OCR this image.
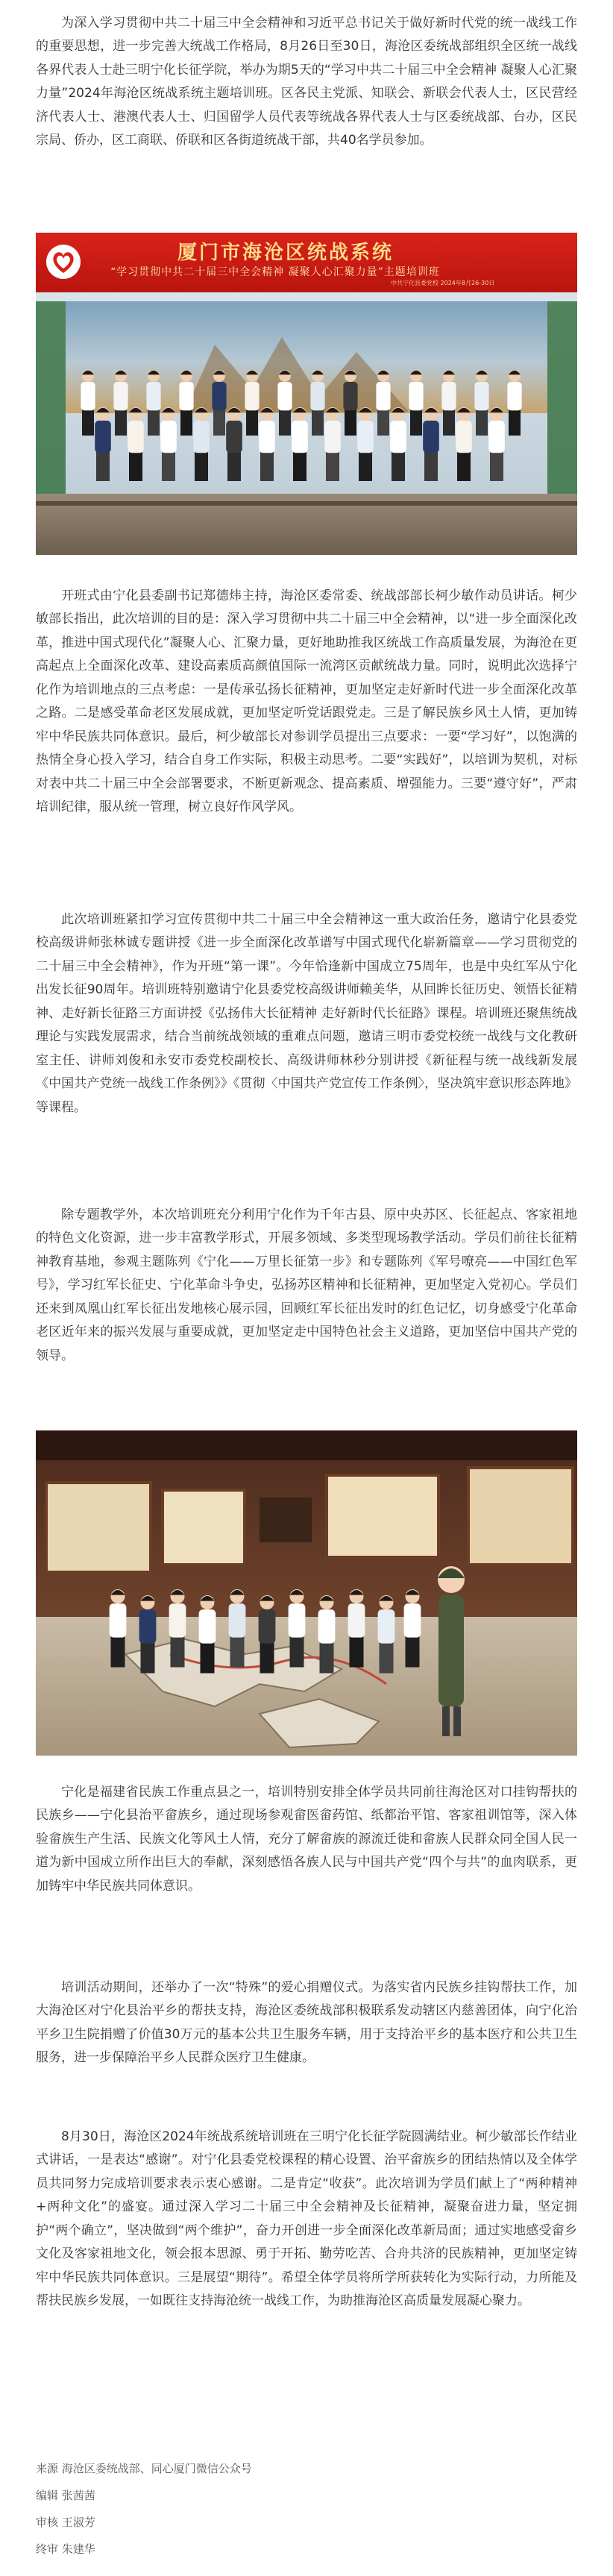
为深入学习贯彻中共二十届三中全会精神和习近平总书记关于做好新时代党的统一战线工作的重要思想，进一步完善大统战工作格局，8月26日至30日，海沧区委统战部组织全区统一战线各界代表人士赴三明宁化长征学院，举办为期5天的“学习中共二十届三中全会精神 凝聚人心汇聚力量”2024年海沧区统战系统主题培训班。区各民主党派、知联会、新联会代表人士，区民营经济代表人士、港澳代表人士、归国留学人员代表等统战各界代表人士与区委统战部、台办，区民宗局、侨办，区工商联、侨联和区各街道统战干部，共40名学员参加。

厦门市海沧区统战系统
“学习贯彻中共二十届三中全会精神 凝聚人心汇聚力量”主题培训班
中共宁化县委党校 2024年8月26-30日

开班式由宁化县委副书记郑德炜主持，海沧区委常委、统战部部长柯少敏作动员讲话。柯少敏部长指出，此次培训的目的是：深入学习贯彻中共二十届三中全会精神，以“进一步全面深化改革，推进中国式现代化”凝聚人心、汇聚力量，更好地助推我区统战工作高质量发展，为海沧在更高起点上全面深化改革、建设高素质高颜值国际一流湾区贡献统战力量。同时，说明此次选择宁化作为培训地点的三点考虑：一是传承弘扬长征精神，更加坚定走好新时代进一步全面深化改革之路。二是感受革命老区发展成就，更加坚定听党话跟党走。三是了解民族乡风土人情，更加铸牢中华民族共同体意识。最后，柯少敏部长对参训学员提出三点要求：一要“学习好”，以饱满的热情全身心投入学习，结合自身工作实际，积极主动思考。二要“实践好”，以培训为契机，对标对表中共二十届三中全会部署要求，不断更新观念、提高素质、增强能力。三要“遵守好”，严肃培训纪律，服从统一管理，树立良好作风学风。

此次培训班紧扣学习宣传贯彻中共二十届三中全会精神这一重大政治任务，邀请宁化县委党校高级讲师张林诚专题讲授《进一步全面深化改革谱写中国式现代化崭新篇章——学习贯彻党的二十届三中全会精神》，作为开班“第一课”。今年恰逢新中国成立75周年，也是中央红军从宁化出发长征90周年。培训班特别邀请宁化县委党校高级讲师赖美华，从回眸长征历史、领悟长征精神、走好新长征路三方面讲授《弘扬伟大长征精神 走好新时代长征路》课程。培训班还聚焦统战理论与实践发展需求，结合当前统战领域的重难点问题，邀请三明市委党校统一战线与文化教研室主任、讲师刘俊和永安市委党校副校长、高级讲师林秒分别讲授《新征程与统一战线新发展《中国共产党统一战线工作条例》》《贯彻〈中国共产党宣传工作条例〉，坚决筑牢意识形态阵地》等课程。

除专题教学外，本次培训班充分利用宁化作为千年古县、原中央苏区、长征起点、客家祖地的特色文化资源，进一步丰富教学形式，开展多领域、多类型现场教学活动。学员们前往长征精神教育基地，参观主题陈列《宁化——万里长征第一步》和专题陈列《军号嘹亮——中国红色军号》，学习红军长征史、宁化革命斗争史，弘扬苏区精神和长征精神，更加坚定入党初心。学员们还来到凤凰山红军长征出发地核心展示园，回顾红军长征出发时的红色记忆，切身感受宁化革命老区近年来的振兴发展与重要成就，更加坚定走中国特色社会主义道路，更加坚信中国共产党的领导。

宁化是福建省民族工作重点县之一，培训特别安排全体学员共同前往海沧区对口挂钩帮扶的民族乡——宁化县治平畲族乡，通过现场参观畲医畲药馆、纸都治平馆、客家祖训馆等，深入体验畲族生产生活、民族文化等风土人情，充分了解畲族的源流迁徙和畲族人民群众同全国人民一道为新中国成立所作出巨大的奉献，深刻感悟各族人民与中国共产党“四个与共”的血肉联系，更加铸牢中华民族共同体意识。

培训活动期间，还举办了一次“特殊”的爱心捐赠仪式。为落实省内民族乡挂钩帮扶工作，加大海沧区对宁化县治平乡的帮扶支持，海沧区委统战部积极联系发动辖区内慈善团体，向宁化治平乡卫生院捐赠了价值30万元的基本公共卫生服务车辆，用于支持治平乡的基本医疗和公共卫生服务，进一步保障治平乡人民群众医疗卫生健康。

8月30日，海沧区2024年统战系统培训班在三明宁化长征学院圆满结业。柯少敏部长作结业式讲话，一是表达“感谢”。对宁化县委党校课程的精心设置、治平畲族乡的团结热情以及全体学员共同努力完成培训要求表示衷心感谢。二是肯定“收获”。此次培训为学员们献上了“两种精神+两种文化”的盛宴。通过深入学习二十届三中全会精神及长征精神，凝聚奋进力量，坚定拥护“两个确立”，坚决做到“两个维护”，奋力开创进一步全面深化改革新局面；通过实地感受畲乡文化及客家祖地文化，领会报本思源、勇于开拓、勤劳吃苦、合舟共济的民族精神，更加坚定铸牢中华民族共同体意识。三是展望“期待”。希望全体学员将所学所获转化为实际行动，力所能及帮扶民族乡发展，一如既往支持海沧统一战线工作，为助推海沧区高质量发展凝心聚力。

来源 海沧区委统战部、同心厦门微信公众号
编辑 张茜茜
审核 王淑芳
终审 朱建华
